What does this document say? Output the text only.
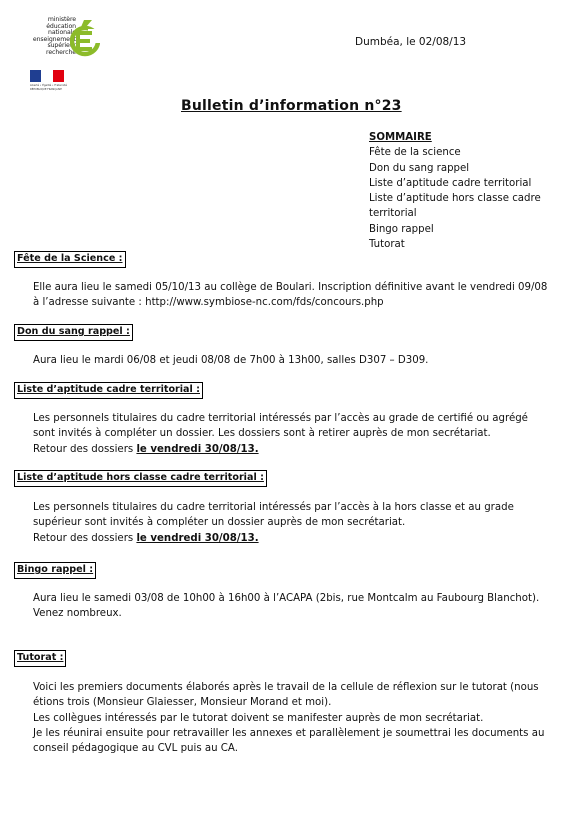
ministère
éducation
nationale
enseignement
supérieur
recherche
Liberté • Égalité • Fraternité
RÉPUBLIQUE FRANÇAISE
Dumbéa, le 02/08/13
Bulletin d’information n°23
SOMMAIRE
Fête de la science
Don du sang rappel
Liste d’aptitude cadre territorial
Liste d’aptitude hors classe cadre
territorial
Bingo rappel
Tutorat
Fête de la Science :

Elle aura lieu le samedi 05/10/13 au collège de Boulari. Inscription définitive avant le vendredi 09/08

à l’adresse suivante : http://www.symbiose-nc.com/fds/concours.php

Don du sang rappel :

Aura lieu le mardi 06/08 et jeudi 08/08 de 7h00 à 13h00, salles D307 – D309.

Liste d’aptitude cadre territorial :

Les personnels titulaires du cadre territorial intéressés par l’accès au grade de certifié ou agrégé

sont invités à compléter un dossier. Les dossiers sont à retirer auprès de mon secrétariat.

Retour des dossiers le vendredi 30/08/13.

Liste d’aptitude hors classe cadre territorial :

Les personnels titulaires du cadre territorial intéressés par l’accès à la hors classe et au grade

supérieur sont invités à compléter un dossier auprès de mon secrétariat.

Retour des dossiers le vendredi 30/08/13.

Bingo rappel :

Aura lieu le samedi 03/08 de 10h00 à 16h00 à l’ACAPA (2bis, rue Montcalm au Faubourg Blanchot).

Venez nombreux.

Tutorat :

Voici les premiers documents élaborés après le travail de la cellule de réflexion sur le tutorat (nous

étions trois (Monsieur Glaiesser, Monsieur Morand et moi).

Les collègues intéressés par le tutorat doivent se manifester auprès de mon secrétariat.

Je les réunirai ensuite pour retravailler les annexes et parallèlement je soumettrai les documents au

conseil pédagogique au CVL puis au CA.
